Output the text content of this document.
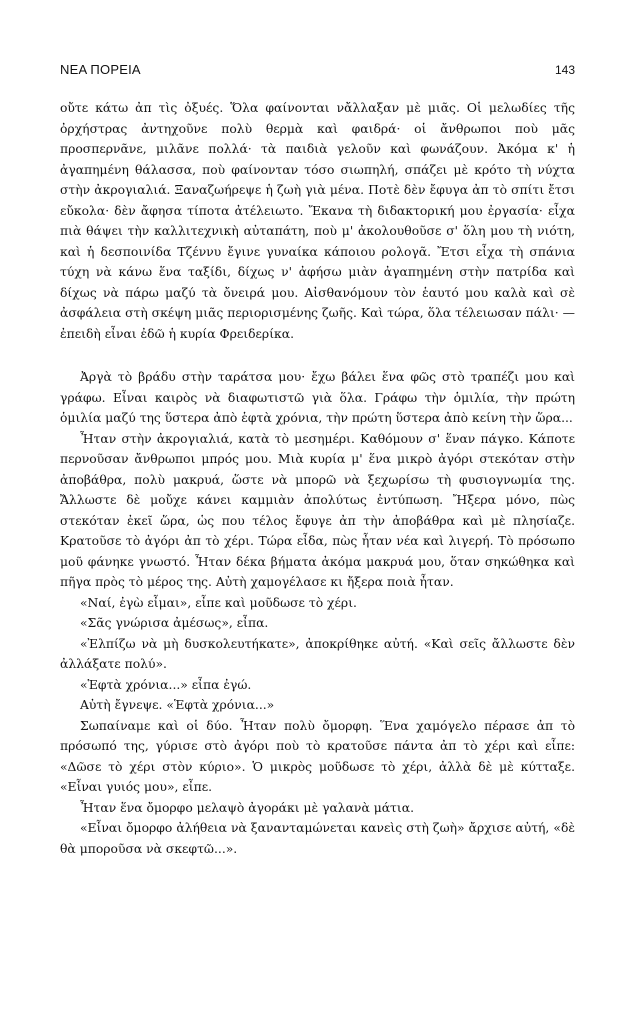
ΝΕΑ ΠΟΡΕΙΑ	143

οὔτε κάτω ἀπ τὶς ὀξυές. Ὅλα φαίνονται νἄλλαξαν μὲ μιᾶς. Οἱ μελωδίες τῆς ὀρχήστρας ἀντηχοῦνε πολὺ θερμὰ καὶ φαιδρά· οἱ ἄνθρωποι ποὺ μᾶς προσπερνᾶνε, μιλᾶνε πολλά· τὰ παιδιὰ γελοῦν καὶ φωνάζουν. Ἀκόμα κ' ἡ ἀγαπημένη θάλασσα, ποὺ φαίνονταν τόσο σιωπηλή, σπάζει μὲ κρότο τὴ νύχτα στὴν ἀκρογιαλιά. Ξαναζωήρεψε ἡ ζωὴ γιὰ μένα. Ποτὲ δὲν ἔφυγα ἀπ τὸ σπίτι ἔτσι εὔκολα· δὲν ἄφησα τίποτα ἀτέλειωτο. Ἔκανα τὴ διδακτορική μου ἐργασία· εἶχα πιὰ θάψει τὴν καλλιτεχνικὴ αὐταπάτη, ποὺ μ' ἀκολουθοῦσε σ' ὅλη μου τὴ νιότη, καὶ ἡ δεσποινίδα Τζέννυ ἔγινε γυναίκα κάποιου ρολογᾶ. Ἔτσι εἶχα τὴ σπάνια τύχη νὰ κάνω ἕνα ταξίδι, δίχως ν' ἀφήσω μιὰν ἀγαπημένη στὴν πατρίδα καὶ δίχως νὰ πάρω μαζύ τὰ ὄνειρά μου. Αἰσθανόμουν τὸν ἑαυτό μου καλὰ καὶ σὲ ἀσφάλεια στὴ σκέψη μιᾶς περιορισμένης ζωῆς. Καὶ τώρα, ὅλα τέλειωσαν πάλι· —ἐπειδὴ εἶναι ἐδῶ ἡ κυρία Φρειδερίκα.

Ἀργὰ τὸ βράδυ στὴν ταράτσα μου· ἔχω βάλει ἕνα φῶς στὸ τραπέζι μου καὶ γράφω. Εἶναι καιρὸς νὰ διαφωτιστῶ γιὰ ὅλα. Γράφω τὴν ὁμιλία, τὴν πρώτη ὁμιλία μαζύ της ὕστερα ἀπὸ ἑφτὰ χρόνια, τὴν πρώτη ὕστερα ἀπὸ κείνη τὴν ὥρα...

Ἦταν στὴν ἀκρογιαλιά, κατὰ τὸ μεσημέρι. Καθόμουν σ' ἕναν πάγκο. Κάποτε περνοῦσαν ἄνθρωποι μπρός μου. Μιὰ κυρία μ' ἕνα μικρὸ ἀγόρι στεκόταν στὴν ἀποβάθρα, πολὺ μακρυά, ὥστε νὰ μπορῶ νὰ ξεχωρίσω τὴ φυσιογνωμία της. Ἄλλωστε δὲ μοὔχε κάνει καμμιὰν ἀπολύτως ἐντύπωση. Ἤξερα μόνο, πὼς στεκόταν ἐκεῖ ὥρα, ὡς που τέλος ἔφυγε ἀπ τὴν ἀποβάθρα καὶ μὲ πλησίαζε. Κρατοῦσε τὸ ἀγόρι ἀπ τὸ χέρι. Τώρα εἶδα, πὼς ἦταν νέα καὶ λιγερή. Τὸ πρόσωπο μοῦ φάνηκε γνωστό. Ἦταν δέκα βήματα ἀκόμα μακρυά μου, ὅταν σηκώθηκα καὶ πῆγα πρὸς τὸ μέρος της. Αὐτὴ χαμογέλασε κι ἤξερα ποιὰ ἦταν.

«Ναί, ἐγὼ εἶμαι», εἶπε καὶ μοῦδωσε τὸ χέρι.

«Σᾶς γνώρισα ἀμέσως», εἶπα.

«Ἐλπίζω νὰ μὴ δυσκολευτήκατε», ἀποκρίθηκε αὐτή. «Καὶ σεῖς ἄλλωστε δὲν ἀλλάξατε πολύ».

«Ἑφτὰ χρόνια...» εἶπα ἐγώ.

Αὐτὴ ἔγνεψε. «Ἑφτὰ χρόνια...»

Σωπαίναμε καὶ οἱ δύο. Ἦταν πολὺ ὄμορφη. Ἕνα χαμόγελο πέρασε ἀπ τὸ πρόσωπό της, γύρισε στὸ ἀγόρι ποὺ τὸ κρατοῦσε πάντα ἀπ τὸ χέρι καὶ εἶπε: «Δῶσε τὸ χέρι στὸν κύριο». Ὁ μικρὸς μοῦδωσε τὸ χέρι, ἀλλὰ δὲ μὲ κύτταξε. «Εἶναι γυιός μου», εἶπε.

Ἦταν ἕνα ὄμορφο μελαψὸ ἀγοράκι μὲ γαλανὰ μάτια.

«Εἶναι ὄμορφο ἀλήθεια νὰ ξανανταμώνεται κανεὶς στὴ ζωὴ» ἄρχισε αὐτή, «δὲ θὰ μποροῦσα νὰ σκεφτῶ...».
